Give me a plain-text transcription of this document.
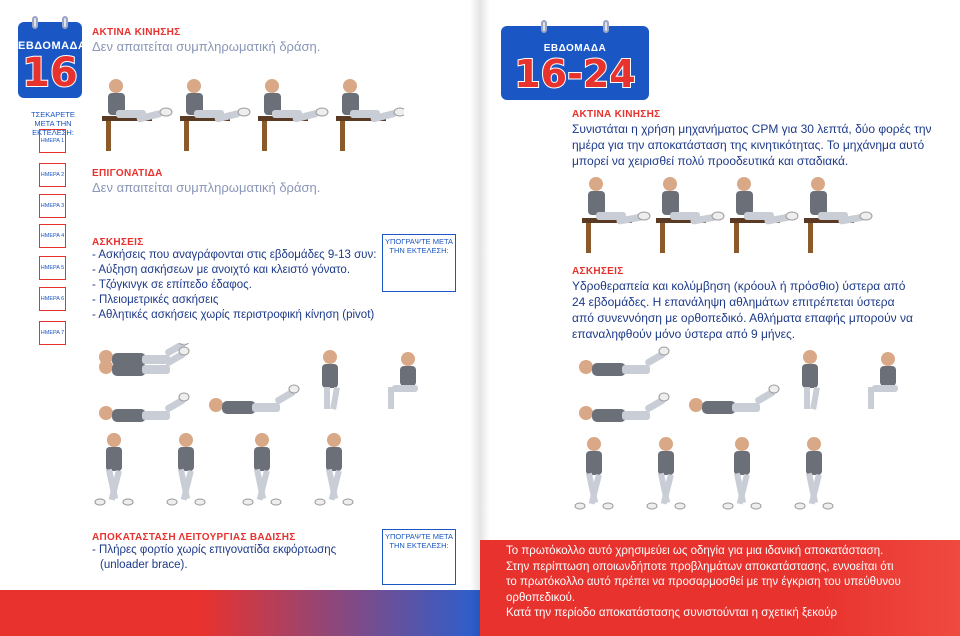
ΕΒΔΟΜΑΔΑ
16
ΤΣΕΚΑΡΕΤΕ ΜΕΤΑ ΤΗΝ ΕΚΤΕΛΕΣΗ:
ΗΜΕΡΑ 1
ΗΜΕΡΑ 2
ΗΜΕΡΑ 3
ΗΜΕΡΑ 4
ΗΜΕΡΑ 5
ΗΜΕΡΑ 6
ΗΜΕΡΑ 7
ΑΚΤΙΝΑ ΚΙΝΗΣΗΣ
Δεν απαιτείται συμπληρωματική δράση.
ΕΠΙΓΟΝΑΤΙΔΑ
Δεν απαιτείται συμπληρωματική δράση.
ΑΣΚΗΣΕΙΣ
- Ασκήσεις που αναγράφονται στις εβδομάδες 9-13 συν:
- Αύξηση ασκήσεων με ανοιχτό και κλειστό γόνατο.
- Τζόγκινγκ σε επίπεδο έδαφος.
- Πλειομετρικές ασκήσεις
- Αθλητικές ασκήσεις χωρίς περιστροφική κίνηση (pivot)
ΥΠΟΓΡΑΨΤΕ ΜΕΤΑ ΤΗΝ ΕΚΤΕΛΕΣΗ:
ΑΠΟΚΑΤΑΣΤΑΣΗ ΛΕΙΤΟΥΡΓΙΑΣ ΒΑΔΙΣΗΣ
- Πλήρες φορτίο χωρίς επιγονατίδα εκφόρτωσης
(unloader brace).
ΥΠΟΓΡΑΨΤΕ ΜΕΤΑ ΤΗΝ ΕΚΤΕΛΕΣΗ:
ΕΒΔΟΜΑΔΑ
16-24
ΑΚΤΙΝΑ ΚΙΝΗΣΗΣ
Συνιστάται η χρήση μηχανήματος CPM για 30 λεπτά, δύο φορές την
ημέρα για την αποκατάσταση της κινητικότητας. Το μηχάνημα αυτό
μπορεί να χειρισθεί πολύ προοδευτικά και σταδιακά.
ΑΣΚΗΣΕΙΣ
Υδροθεραπεία και κολύμβηση (κρόουλ ή πρόσθιο) ύστερα από
24 εβδομάδες. Η επανάληψη αθλημάτων επιτρέπεται ύστερα
από συνεννόηση με ορθοπεδικό. Αθλήματα επαφής μπορούν να
επαναληφθούν μόνο ύστερα από 9 μήνες.
Το πρωτόκολλο αυτό χρησιμεύει ως οδηγία για μια ιδανική αποκατάσταση.
Στην περίπτωση οποιωνδήποτε προβλημάτων αποκατάστασης, εννοείται ότι
το πρωτόκολλο αυτό πρέπει να προσαρμοσθεί με την έγκριση του υπεύθυνου
ορθοπεδικού.
Κατά την περίοδο αποκατάστασης συνιστούνται η σχετική ξεκούρ
